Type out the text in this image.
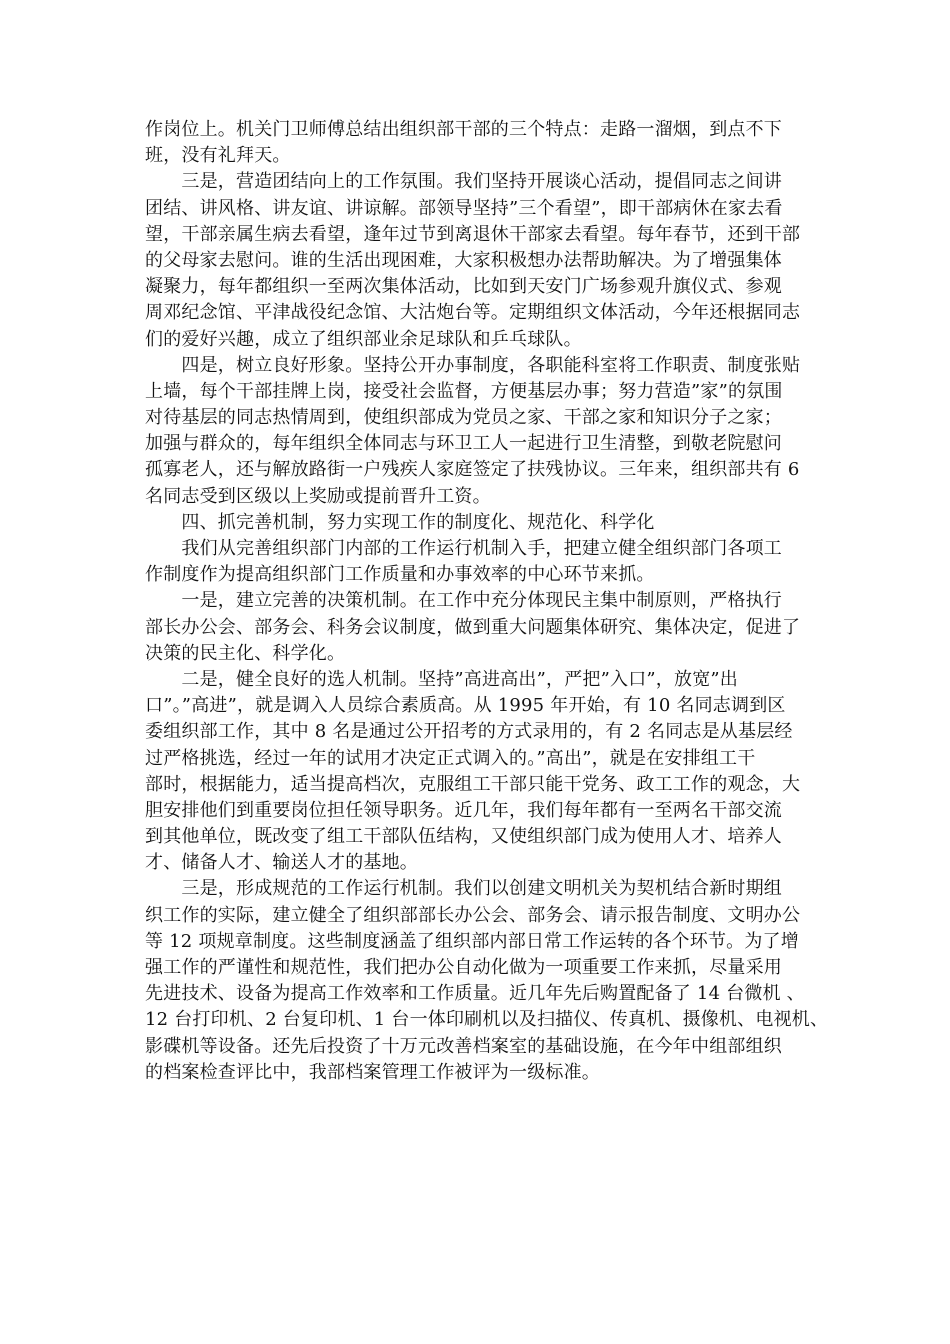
作岗位上。机关门卫师傅总结出组织部干部的三个特点：走路一溜烟，到点不下
班，没有礼拜天。
　　三是，营造团结向上的工作氛围。我们坚持开展谈心活动，提倡同志之间讲
团结、讲风格、讲友谊、讲谅解。部领导坚持”三个看望”，即干部病休在家去看
望，干部亲属生病去看望，逢年过节到离退休干部家去看望。每年春节，还到干部
的父母家去慰问。谁的生活出现困难，大家积极想办法帮助解决。为了增强集体
凝聚力，每年都组织一至两次集体活动，比如到天安门广场参观升旗仪式、参观
周邓纪念馆、平津战役纪念馆、大沽炮台等。定期组织文体活动，今年还根据同志
们的爱好兴趣，成立了组织部业余足球队和乒乓球队。
　　四是，树立良好形象。坚持公开办事制度，各职能科室将工作职责、制度张贴
上墙，每个干部挂牌上岗，接受社会监督，方便基层办事；努力营造”家”的氛围
对待基层的同志热情周到，使组织部成为党员之家、干部之家和知识分子之家；
加强与群众的，每年组织全体同志与环卫工人一起进行卫生清整，到敬老院慰问
孤寡老人，还与解放路街一户残疾人家庭签定了扶残协议。三年来，组织部共有 6
名同志受到区级以上奖励或提前晋升工资。
　　四、抓完善机制，努力实现工作的制度化、规范化、科学化
　　我们从完善组织部门内部的工作运行机制入手，把建立健全组织部门各项工
作制度作为提高组织部门工作质量和办事效率的中心环节来抓。
　　一是，建立完善的决策机制。在工作中充分体现民主集中制原则，严格执行
部长办公会、部务会、科务会议制度，做到重大问题集体研究、集体决定，促进了
决策的民主化、科学化。
　　二是，健全良好的选人机制。坚持”高进高出”，严把”入口”，放宽”出
口”。”高进”，就是调入人员综合素质高。从 1995 年开始，有 10 名同志调到区
委组织部工作，其中 8 名是通过公开招考的方式录用的，有 2 名同志是从基层经
过严格挑选，经过一年的试用才决定正式调入的。”高出”，就是在安排组工干
部时，根据能力，适当提高档次，克服组工干部只能干党务、政工工作的观念，大
胆安排他们到重要岗位担任领导职务。近几年，我们每年都有一至两名干部交流
到其他单位，既改变了组工干部队伍结构，又使组织部门成为使用人才、培养人
才、储备人才、输送人才的基地。
　　三是，形成规范的工作运行机制。我们以创建文明机关为契机结合新时期组
织工作的实际，建立健全了组织部部长办公会、部务会、请示报告制度、文明办公
等 12 项规章制度。这些制度涵盖了组织部内部日常工作运转的各个环节。为了增
强工作的严谨性和规范性，我们把办公自动化做为一项重要工作来抓，尽量采用
先进技术、设备为提高工作效率和工作质量。近几年先后购置配备了 14 台微机 、
12 台打印机、2 台复印机、1 台一体印刷机以及扫描仪、传真机、摄像机、电视机、
影碟机等设备。还先后投资了十万元改善档案室的基础设施，在今年中组部组织
的档案检查评比中，我部档案管理工作被评为一级标准。
